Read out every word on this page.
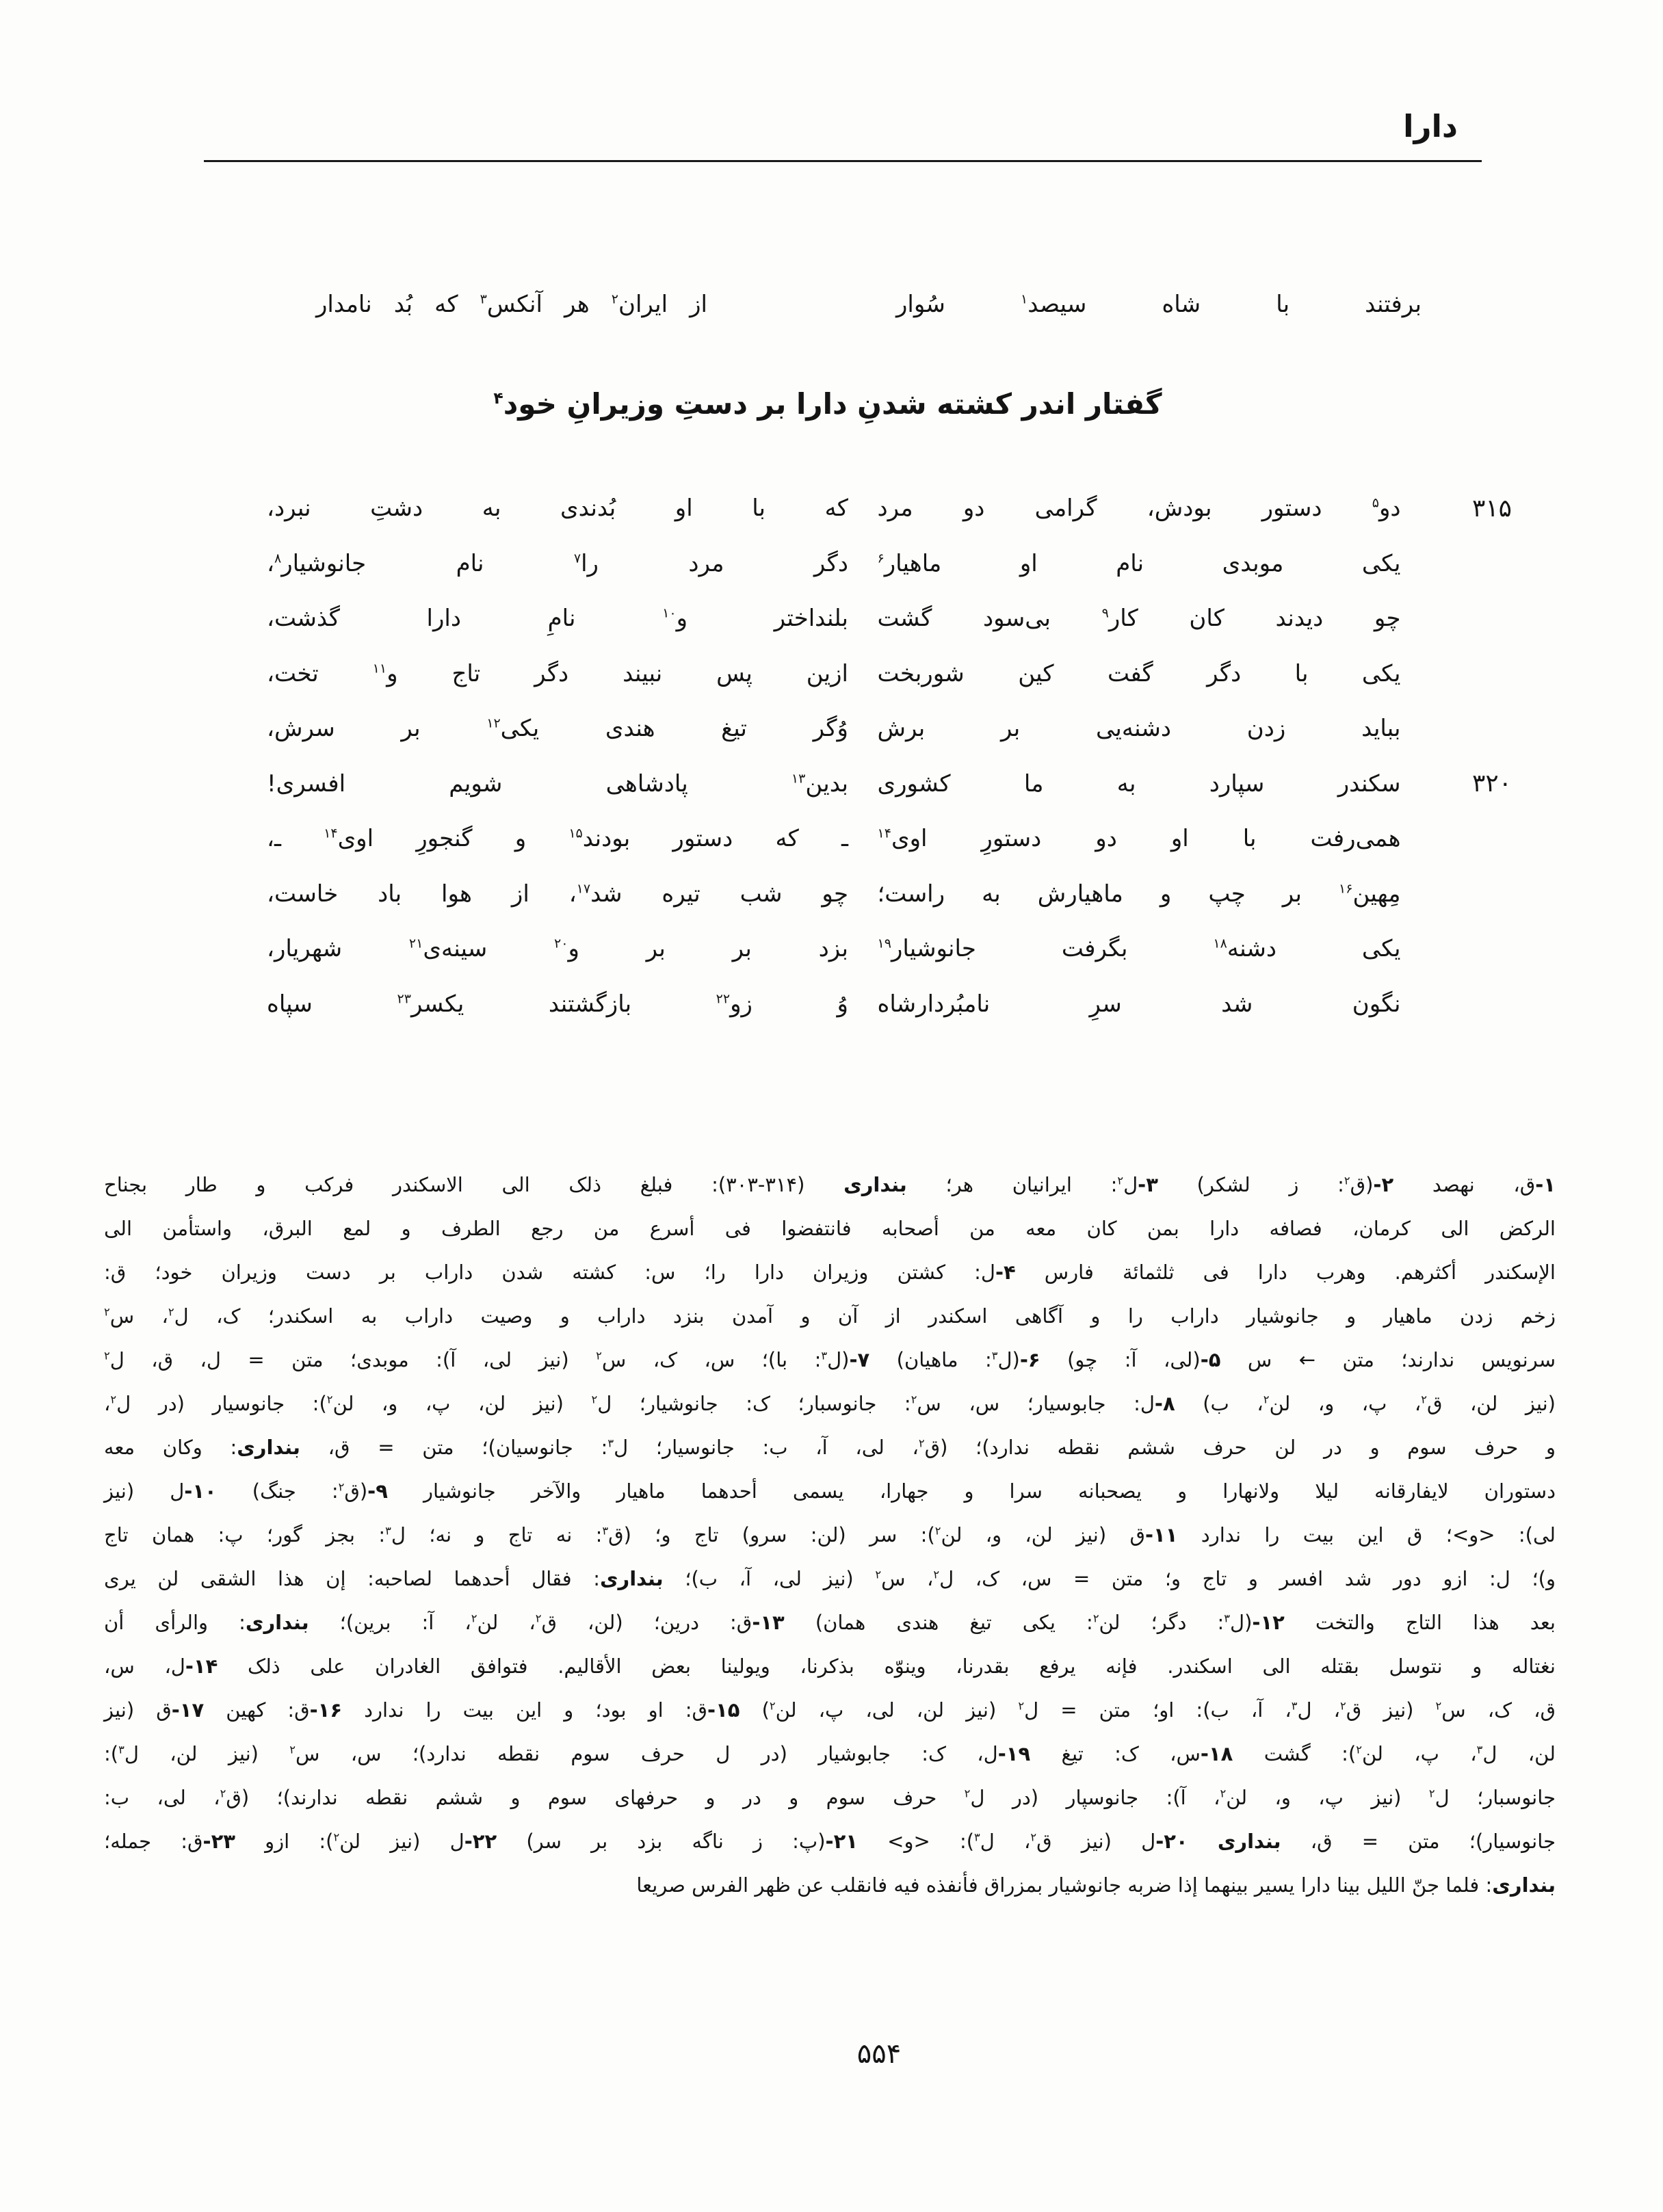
دارا
برفتند با شاه سیصد$^۱$ سُوار
از ایران$^۲$ هر آنکس$^۳$ که بُد نامدار
گفتار اندر کشته شدنِ دارا بر دستِ وزیرانِ خود$^۴$
۳۱۵
دو$^۵$ دستور بودش، گرامی دو مرد
که با او بُدندی به دشتِ نبرد،
یکی موبدی نام او ماهیار$^۶$
دگر مرد را$^۷$ نام جانوشیار$^۸$،
چو دیدند کان کار$^۹$ بی‌سود گشت
بلنداختر و$^{۱۰}$ نامِ دارا گذشت،
یکی با دگر گفت کین شوربخت
ازین پس نبیند دگر تاج و$^{۱۱}$ تخت،
بباید زدن دشنه‌یی بر برش
وُگر تیغ هندی یکی$^{۱۲}$ بر سرش،
۳۲۰
سکندر سپارد به ما کشوری
بدین$^{۱۳}$ پادشاهی شویم افسری!
همی‌رفت با او دو دستورِ اوی$^{۱۴}$
ـ که دستور بودند$^{۱۵}$ و گنجورِ اوی$^{۱۴}$ ـ،
مِهین$^{۱۶}$ بر چپ و ماهیارش به راست؛
چو شب تیره شد$^{۱۷}$، از هوا باد خاست،
یکی دشنه$^{۱۸}$ بگرفت جانوشیار$^{۱۹}$
بزد بر بر و$^{۲۰}$ سینه‌ی$^{۲۱}$ شهریار،
نگون شد سرِ نامبُردارشاه
وُ زو$^{۲۲}$ بازگشتند یکسر$^{۲۳}$ سپاه
۱-ق، نهصد ۲-(ق$^۲$: ز لشکر) ۳-ل$^۲$: ایرانیان هر؛ بنداری (۳۱۴-۳۰۳): فبلغ ذلک الی الاسکندر فرکب و طار بجناح
الرکض الی کرمان، فصافه دارا بمن کان معه من أصحابه فانتفضوا فی أسرع من رجع الطرف و لمع البرق، واستأمن الی
الإسکندر أکثرهم. وهرب دارا فی ثلثمائة فارس ۴-ل: کشتن وزیران دارا را؛ س: کشته شدن داراب بر دست وزیران خود؛ ق:
زخم زدن ماهیار و جانوشیار داراب را و آگاهی اسکندر از آن و آمدن بنزد داراب و وصیت داراب به اسکندر؛ ک، ل$^۲$، س$^۲$
سرنویس ندارند؛ متن ← س ۵-(لی، آ: چو) ۶-(ل$^۳$: ماهیان) ۷-(ل$^۳$: با)؛ س، ک، س$^۲$ (نیز لی، آ): موبدی؛ متن = ل، ق، ل$^۲$
(نیز لن، ق$^۲$، پ، و، لن$^۲$، ب) ۸-ل: جابوسیار؛ س، س$^۲$: جانوسبار؛ ک: جانوشیار؛ ل$^۲$ (نیز لن، پ، و، لن$^۲$): جانوسیار (در ل$^۲$،
و حرف سوم و در لن حرف ششم نقطه ندارد)؛ (ق$^۲$، لی، آ، ب: جانوسیار؛ ل$^۳$: جانوسیان)؛ متن = ق، بنداری: وکان معه
دستوران لایفارقانه لیلا ولانهارا و یصحبانه سرا و جهارا، یسمی أحدهما ماهیار والآخر جانوشیار ۹-(ق$^۲$: جنگ) ۱۰-ل (نیز
لی): <و>؛ ق این بیت را ندارد ۱۱-ق (نیز لن، و، لن$^۲$): سر (لن: سرو) تاج و؛ (ق$^۳$: نه تاج و نه؛ ل$^۳$: بجز گور؛ پ: همان تاج
و)؛ ل: ازو دور شد افسر و تاج و؛ متن = س، ک، ل$^۲$، س$^۲$ (نیز لی، آ، ب)؛ بنداری: فقال أحدهما لصاحبه: إن هذا الشقی لن یری
بعد هذا التاج والتخت ۱۲-(ل$^۳$: دگر؛ لن$^۲$: یکی تیغ هندی همان) ۱۳-ق: درین؛ (لن، ق$^۲$، لن$^۲$، آ: برین)؛ بنداری: والرأی أن
نغتاله و نتوسل بقتله الی اسکندر. فإنه یرفع بقدرنا، وینوّه بذکرنا، ویولینا بعض الأقالیم. فتوافق الغادران علی ذلک ۱۴-ل، س،
ق، ک، س$^۲$ (نیز ق$^۲$، ل$^۳$، آ، ب): او؛ متن = ل$^۲$ (نیز لن، لی، پ، لن$^۲$) ۱۵-ق: او بود؛ و این بیت را ندارد ۱۶-ق: کهین ۱۷-ق (نیز
لن، ل$^۳$، پ، لن$^۲$): گشت ۱۸-س، ک: تیغ ۱۹-ل، ک: جابوشیار (در ل حرف سوم نقطه ندارد)؛ س، س$^۲$ (نیز لن، ل$^۳$):
جانوسبار؛ ل$^۲$ (نیز پ، و، لن$^۲$، آ): جانوسپار (در ل$^۲$ حرف سوم و در و حرفهای سوم و ششم نقطه ندارند)؛ (ق$^۲$، لی، ب:
جانوسیار)؛ متن = ق، بنداری ۲۰-ل (نیز ق$^۲$، ل$^۳$): <و> ۲۱-(پ: ز ناگه بزد بر سر) ۲۲-ل (نیز لن$^۲$): ازو ۲۳-ق: جمله؛
بنداری: فلما جنّ اللیل بینا دارا یسیر بینهما إذا ضربه جانوشیار بمزراق فأنفذه فیه فانقلب عن ظهر الفرس صریعا
۵۵۴
